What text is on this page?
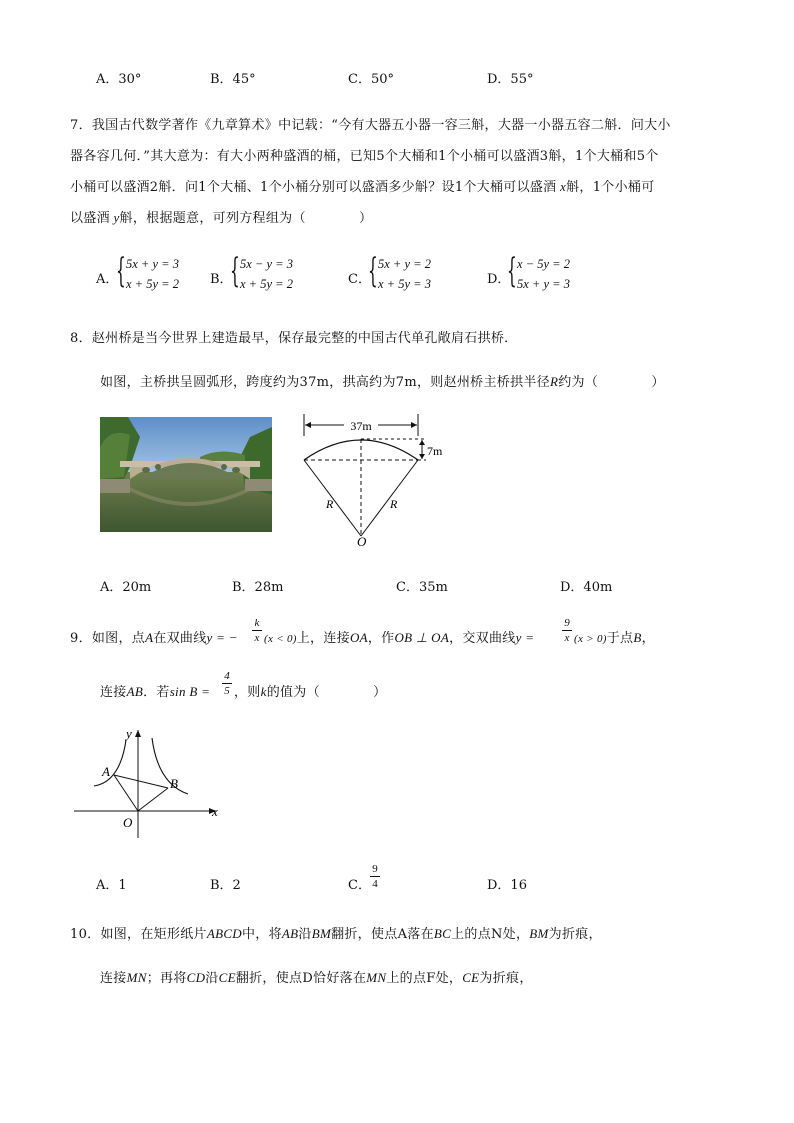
A．30°	B．45°	C．50°	D．55°
7．我国古代数学著作《九章算术》中记载：“今有大器五小器一容三斛，大器一小器五容二斛．问大小
器各容几何．”其大意为：有大小两种盛酒的桶，已知5个大桶和1个小桶可以盛酒3斛，1个大桶和5个
小桶可以盛酒2斛．问1个大桶、1个小桶分别可以盛酒多少斛？设1个大桶可以盛酒 x斛，1个小桶可
以盛酒 y斛，根据题意，可列方程组为（　　　　）
A．
{ 5x + y = 3
x + 5y = 2 B．
{ 5x − y = 3
x + 5y = 2	C．
{ 5x + y = 2
x + 5y = 3	D．
{ x − 5y = 2
5x + y = 3
8．赵州桥是当今世界上建造最早，保存最完整的中国古代单孔敞肩石拱桥．
如图，主桥拱呈圆弧形，跨度约为37m，拱高约为7m，则赵州桥主桥拱半径R约为（　　　　）
37m
7m
R	R
O
A．20m	B．28m	C．35m	D．40m
9．如图，点A在双曲线y = −
k
x (x < 0)上，连接OA，作OB ⊥ OA，交双曲线y =
9
x (x > 0)于点B，
连接AB．若sin B =
4
5 ，则k的值为（　　　　）
y
x
O
A
B
A．1	B．2	C．
9
4	D．16
10．如图，在矩形纸片ABCD中，将AB沿BM翻折，使点A落在BC上的点N处，BM为折痕，
连接MN；再将CD沿CE翻折，使点D恰好落在MN上的点F处，CE为折痕，
